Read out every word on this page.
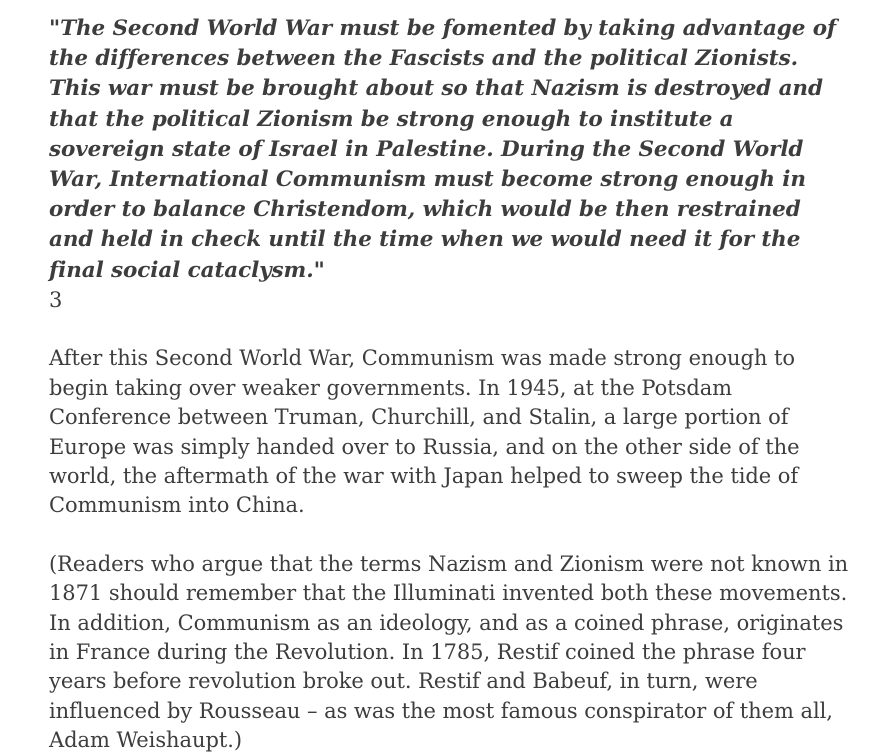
"The Second World War must be fomented by taking advantage of the differences between the Fascists and the political Zionists. This war must be brought about so that Nazism is destroyed and that the political Zionism be strong enough to institute a sovereign state of Israel in Palestine. During the Second World War, International Communism must become strong enough in order to balance Christendom, which would be then restrained and held in check until the time when we would need it for the final social cataclysm."

3

After this Second World War, Communism was made strong enough to begin taking over weaker governments. In 1945, at the Potsdam Conference between Truman, Churchill, and Stalin, a large portion of Europe was simply handed over to Russia, and on the other side of the world, the aftermath of the war with Japan helped to sweep the tide of Communism into China.

(Readers who argue that the terms Nazism and Zionism were not known in 1871 should remember that the Illuminati invented both these movements. In addition, Communism as an ideology, and as a coined phrase, originates in France during the Revolution. In 1785, Restif coined the phrase four years before revolution broke out. Restif and Babeuf, in turn, were influenced by Rousseau – as was the most famous conspirator of them all, Adam Weishaupt.)
